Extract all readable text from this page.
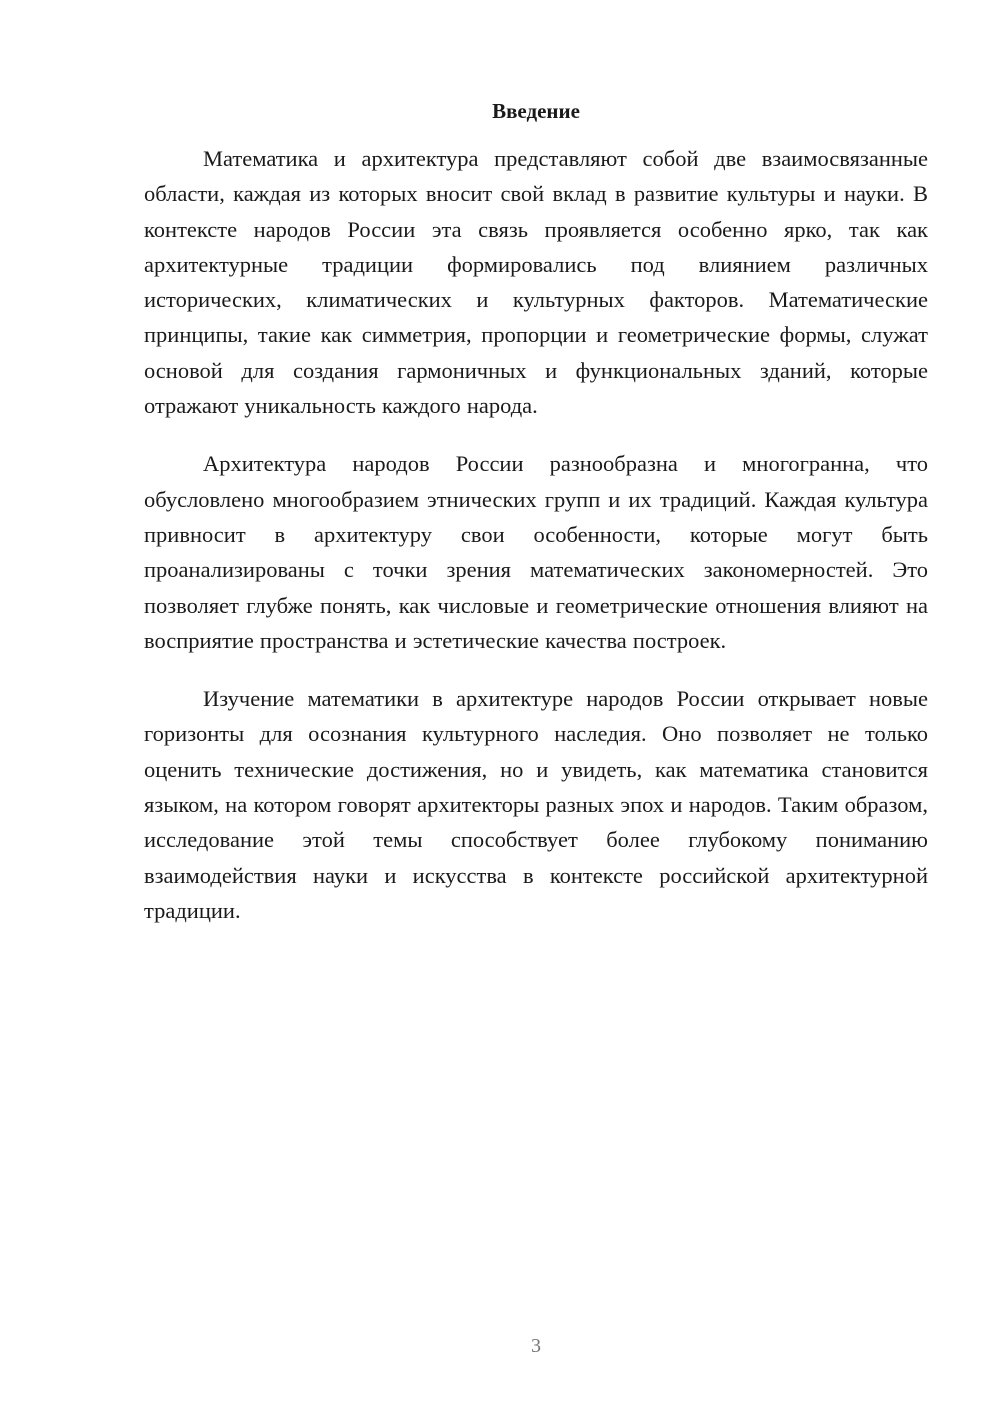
Введение

Математика и архитектура представляют собой две взаимосвязанные области, каждая из которых вносит свой вклад в развитие культуры и науки. В контексте народов России эта связь проявляется особенно ярко, так как архитектурные традиции формировались под влиянием различных исторических, климатических и культурных факторов. Математические принципы, такие как симметрия, пропорции и геометрические формы, служат основой для создания гармоничных и функциональных зданий, которые отражают уникальность каждого народа.

Архитектура народов России разнообразна и многогранна, что обусловлено многообразием этнических групп и их традиций. Каждая культура привносит в архитектуру свои особенности, которые могут быть проанализированы с точки зрения математических закономерностей. Это позволяет глубже понять, как числовые и геометрические отношения влияют на восприятие пространства и эстетические качества построек.

Изучение математики в архитектуре народов России открывает новые горизонты для осознания культурного наследия. Оно позволяет не только оценить технические достижения, но и увидеть, как математика становится языком, на котором говорят архитекторы разных эпох и народов. Таким образом, исследование этой темы способствует более глубокому пониманию взаимодействия науки и искусства в контексте российской архитектурной традиции.

3
